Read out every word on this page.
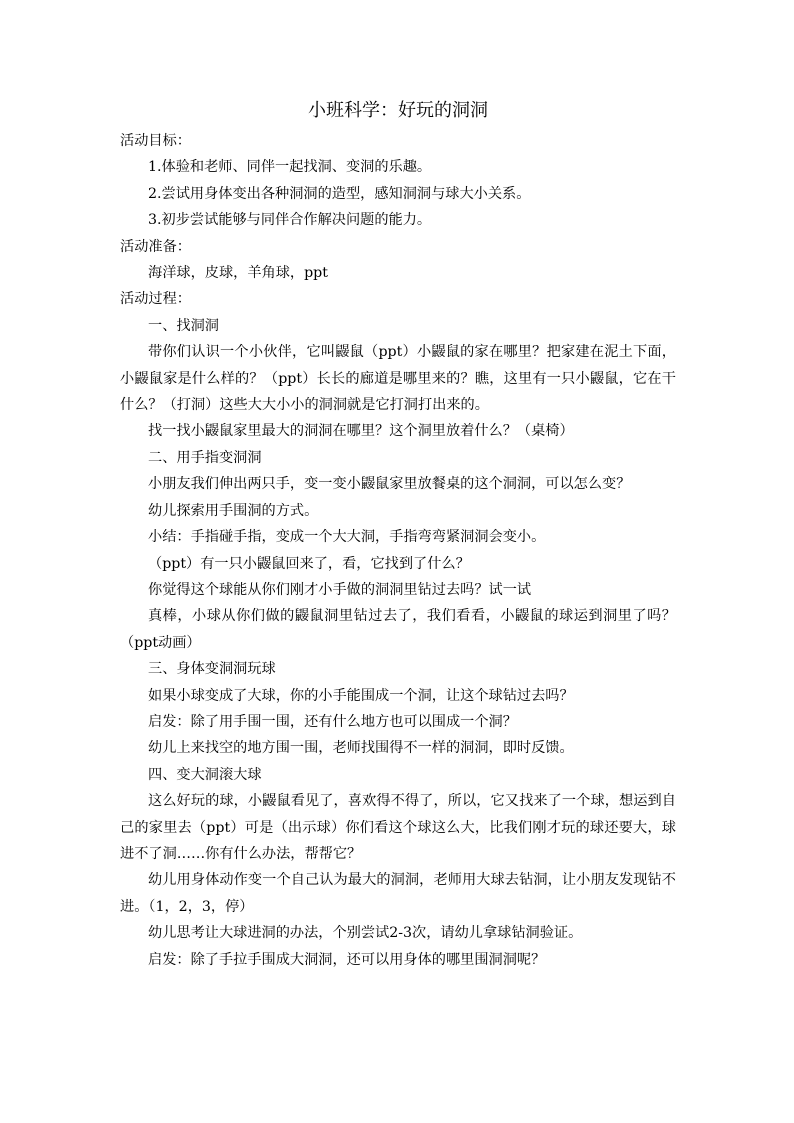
小班科学：好玩的洞洞

活动目标：

1.体验和老师、同伴一起找洞、变洞的乐趣。

2.尝试用身体变出各种洞洞的造型，感知洞洞与球大小关系。

3.初步尝试能够与同伴合作解决问题的能力。

活动准备：

海洋球，皮球，羊角球，ppt

活动过程：

一、找洞洞

带你们认识一个小伙伴，它叫鼹鼠（ppt）小鼹鼠的家在哪里？把家建在泥土下面，小鼹鼠家是什么样的？（ppt）长长的廊道是哪里来的？瞧，这里有一只小鼹鼠，它在干什么？（打洞）这些大大小小的洞洞就是它打洞打出来的。

找一找小鼹鼠家里最大的洞洞在哪里？这个洞里放着什么？（桌椅）

二、用手指变洞洞

小朋友我们伸出两只手，变一变小鼹鼠家里放餐桌的这个洞洞，可以怎么变？

幼儿探索用手围洞的方式。

小结：手指碰手指，变成一个大大洞，手指弯弯紧洞洞会变小。

（ppt）有一只小鼹鼠回来了，看，它找到了什么？

你觉得这个球能从你们刚才小手做的洞洞里钻过去吗？试一试

真棒，小球从你们做的鼹鼠洞里钻过去了，我们看看，小鼹鼠的球运到洞里了吗？（ppt动画）

三、身体变洞洞玩球

如果小球变成了大球，你的小手能围成一个洞，让这个球钻过去吗？

启发：除了用手围一围，还有什么地方也可以围成一个洞？

幼儿上来找空的地方围一围，老师找围得不一样的洞洞，即时反馈。

四、变大洞滚大球

这么好玩的球，小鼹鼠看见了，喜欢得不得了，所以，它又找来了一个球，想运到自己的家里去（ppt）可是（出示球）你们看这个球这么大，比我们刚才玩的球还要大，球进不了洞……你有什么办法，帮帮它？

幼儿用身体动作变一个自己认为最大的洞洞，老师用大球去钻洞，让小朋友发现钻不进。（1，2，3，停）

幼儿思考让大球进洞的办法，个别尝试2-3次，请幼儿拿球钻洞验证。

启发：除了手拉手围成大洞洞，还可以用身体的哪里围洞洞呢？
